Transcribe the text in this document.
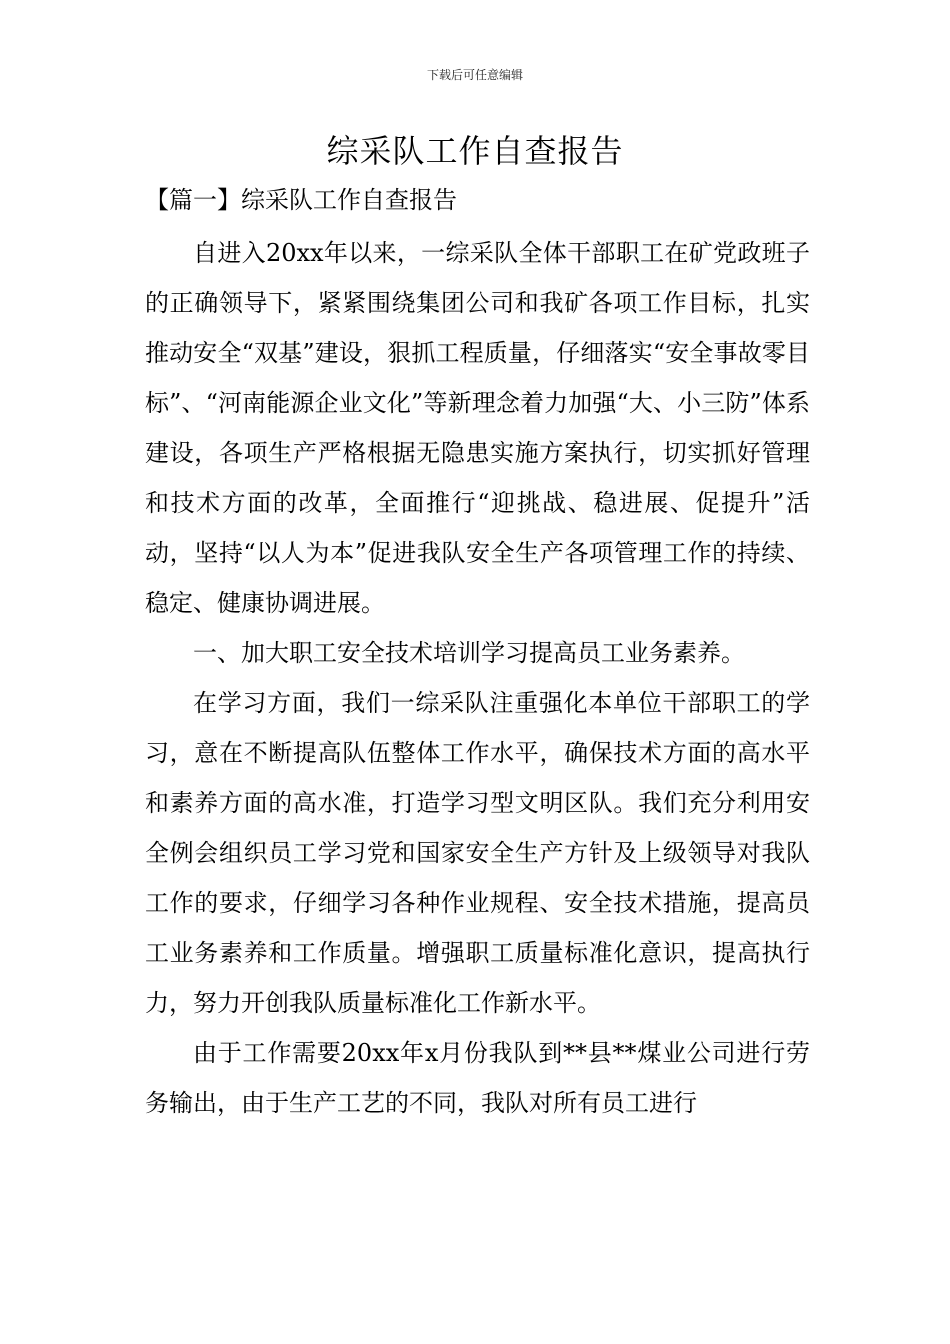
下载后可任意编辑
综采队工作自查报告
【篇一】综采队工作自查报告

自进入20xx年以来，一综采队全体干部职工在矿党政班子的正确领导下，紧紧围绕集团公司和我矿各项工作目标，扎实推动安全“双基”建设，狠抓工程质量，仔细落实“安全事故零目标”、“河南能源企业文化”等新理念着力加强“大、小三防”体系建设，各项生产严格根据无隐患实施方案执行，切实抓好管理和技术方面的改革，全面推行“迎挑战、稳进展、促提升”活动，坚持“以人为本”促进我队安全生产各项管理工作的持续、稳定、健康协调进展。

一、加大职工安全技术培训学习提高员工业务素养。

在学习方面，我们一综采队注重强化本单位干部职工的学习，意在不断提高队伍整体工作水平，确保技术方面的高水平和素养方面的高水准，打造学习型文明区队。我们充分利用安全例会组织员工学习党和国家安全生产方针及上级领导对我队工作的要求，仔细学习各种作业规程、安全技术措施，提高员工业务素养和工作质量。增强职工质量标准化意识，提高执行力，努力开创我队质量标准化工作新水平。

由于工作需要20xx年x月份我队到**县**煤业公司进行劳务输出，由于生产工艺的不同，我队对所有员工进行
